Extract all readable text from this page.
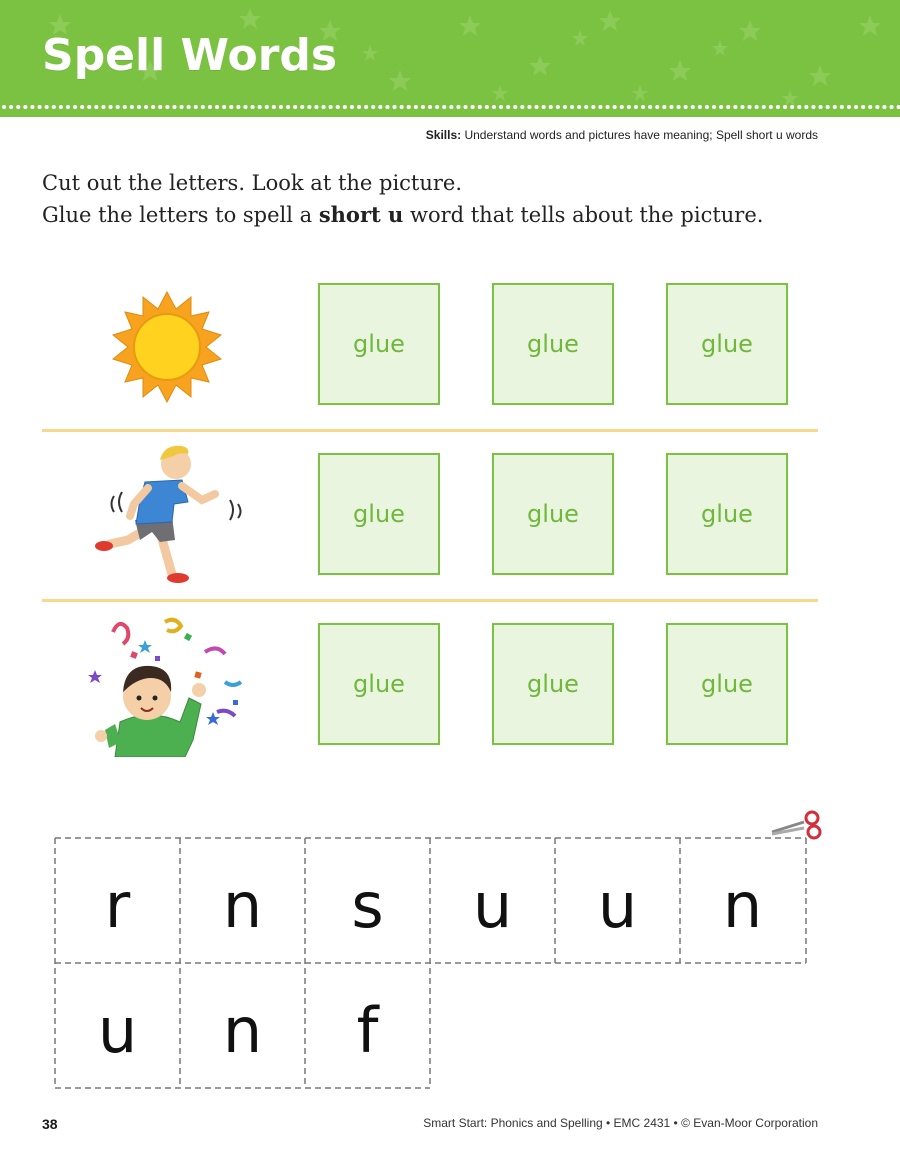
Spell Words
Skills: Understand words and pictures have meaning; Spell short u words
Cut out the letters. Look at the picture.
Glue the letters to spell a short u word that tells about the picture.
glue	glue	glue
glue	glue	glue
glue	glue	glue
r	n	s	u	u	n
u	n	f
38	Smart Start: Phonics and Spelling • EMC 2431 • © Evan-Moor Corporation
